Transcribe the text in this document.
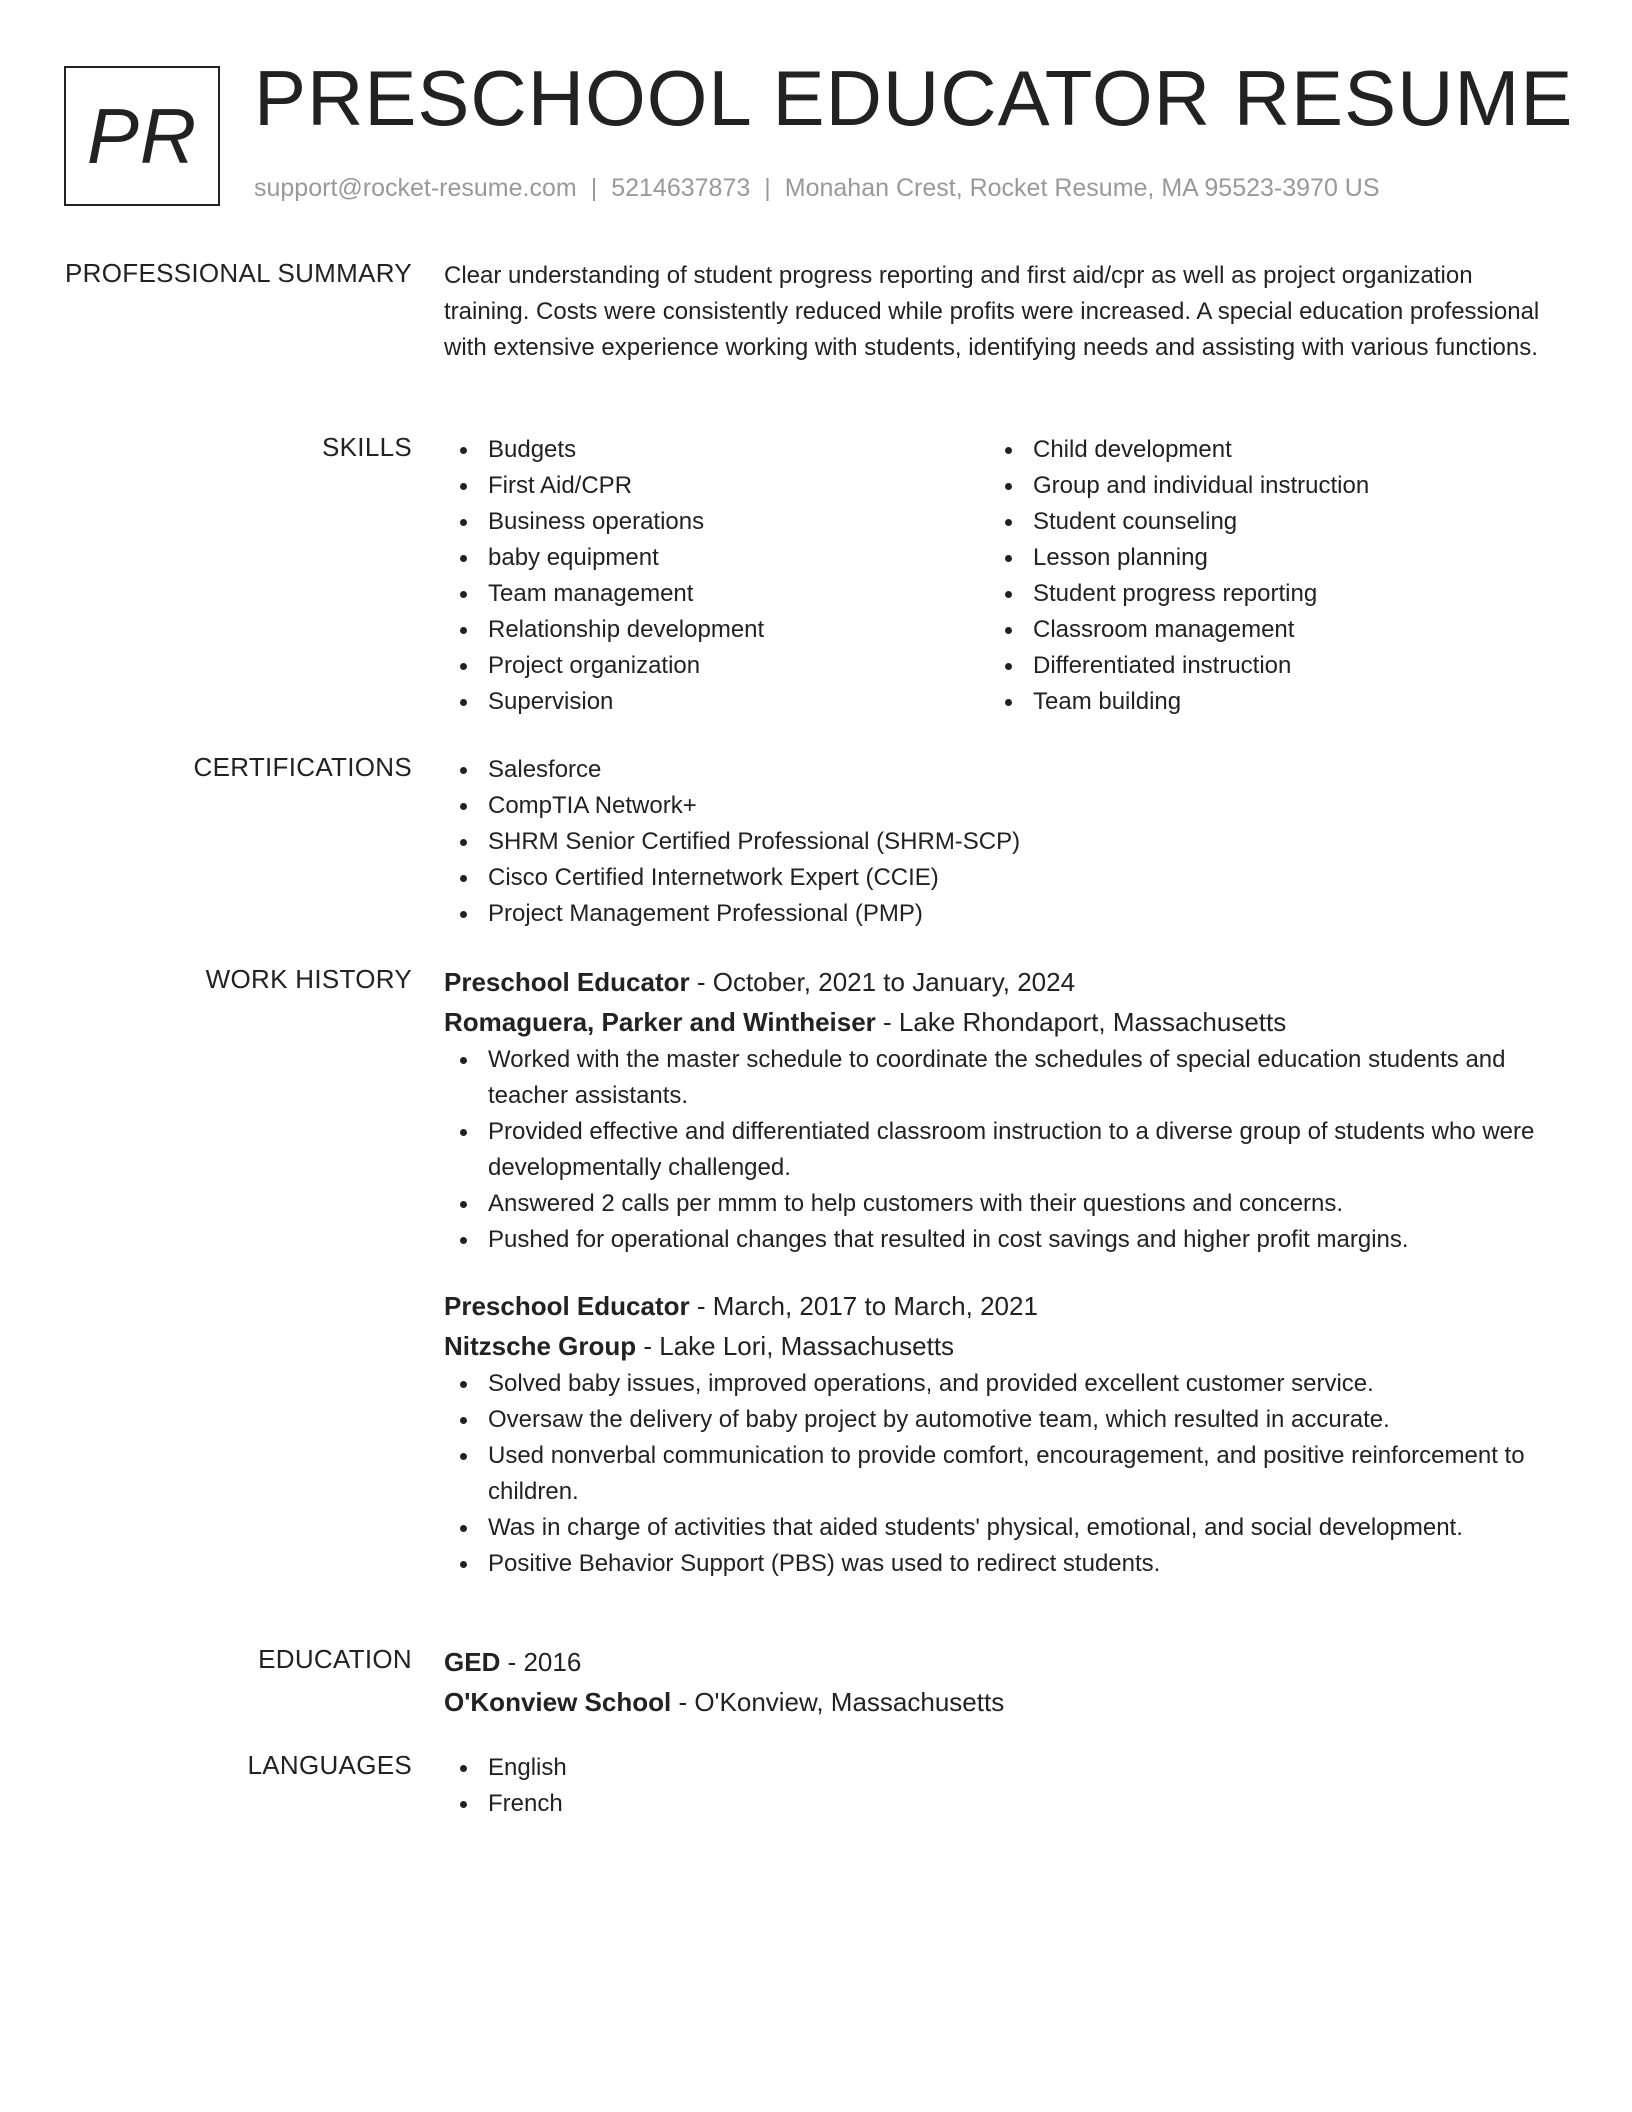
PR PRESCHOOL EDUCATOR RESUME
support@rocket-resume.com | 5214637873 | Monahan Crest, Rocket Resume, MA 95523-3970 US
PROFESSIONAL SUMMARY Clear understanding of student progress reporting and first aid/cpr as well as project organization training. Costs were consistently reduced while profits were increased. A special education professional with extensive experience working with students, identifying needs and assisting with various functions.
SKILLS	Budgets
First Aid/CPR
Business operations
baby equipment
Team management
Relationship development
Project organization
Supervision
Child development
Group and individual instruction
Student counseling
Lesson planning
Student progress reporting
Classroom management
Differentiated instruction
Team building
CERTIFICATIONS	Salesforce
CompTIA Network+
SHRM Senior Certified Professional (SHRM-SCP)
Cisco Certified Internetwork Expert (CCIE)
Project Management Professional (PMP)
WORK HISTORY Preschool Educator - October, 2021 to January, 2024
Romaguera, Parker and Wintheiser - Lake Rhondaport, Massachusetts
Worked with the master schedule to coordinate the schedules of special education students and teacher assistants.
Provided effective and differentiated classroom instruction to a diverse group of students who were developmentally challenged.
Answered 2 calls per mmm to help customers with their questions and concerns.
Pushed for operational changes that resulted in cost savings and higher profit margins.
Preschool Educator - March, 2017 to March, 2021
Nitzsche Group - Lake Lori, Massachusetts
Solved baby issues, improved operations, and provided excellent customer service.
Oversaw the delivery of baby project by automotive team, which resulted in accurate.
Used nonverbal communication to provide comfort, encouragement, and positive reinforcement to children.
Was in charge of activities that aided students' physical, emotional, and social development.
Positive Behavior Support (PBS) was used to redirect students.
EDUCATION GED - 2016
O'Konview School - O'Konview, Massachusetts
LANGUAGES	English
French
